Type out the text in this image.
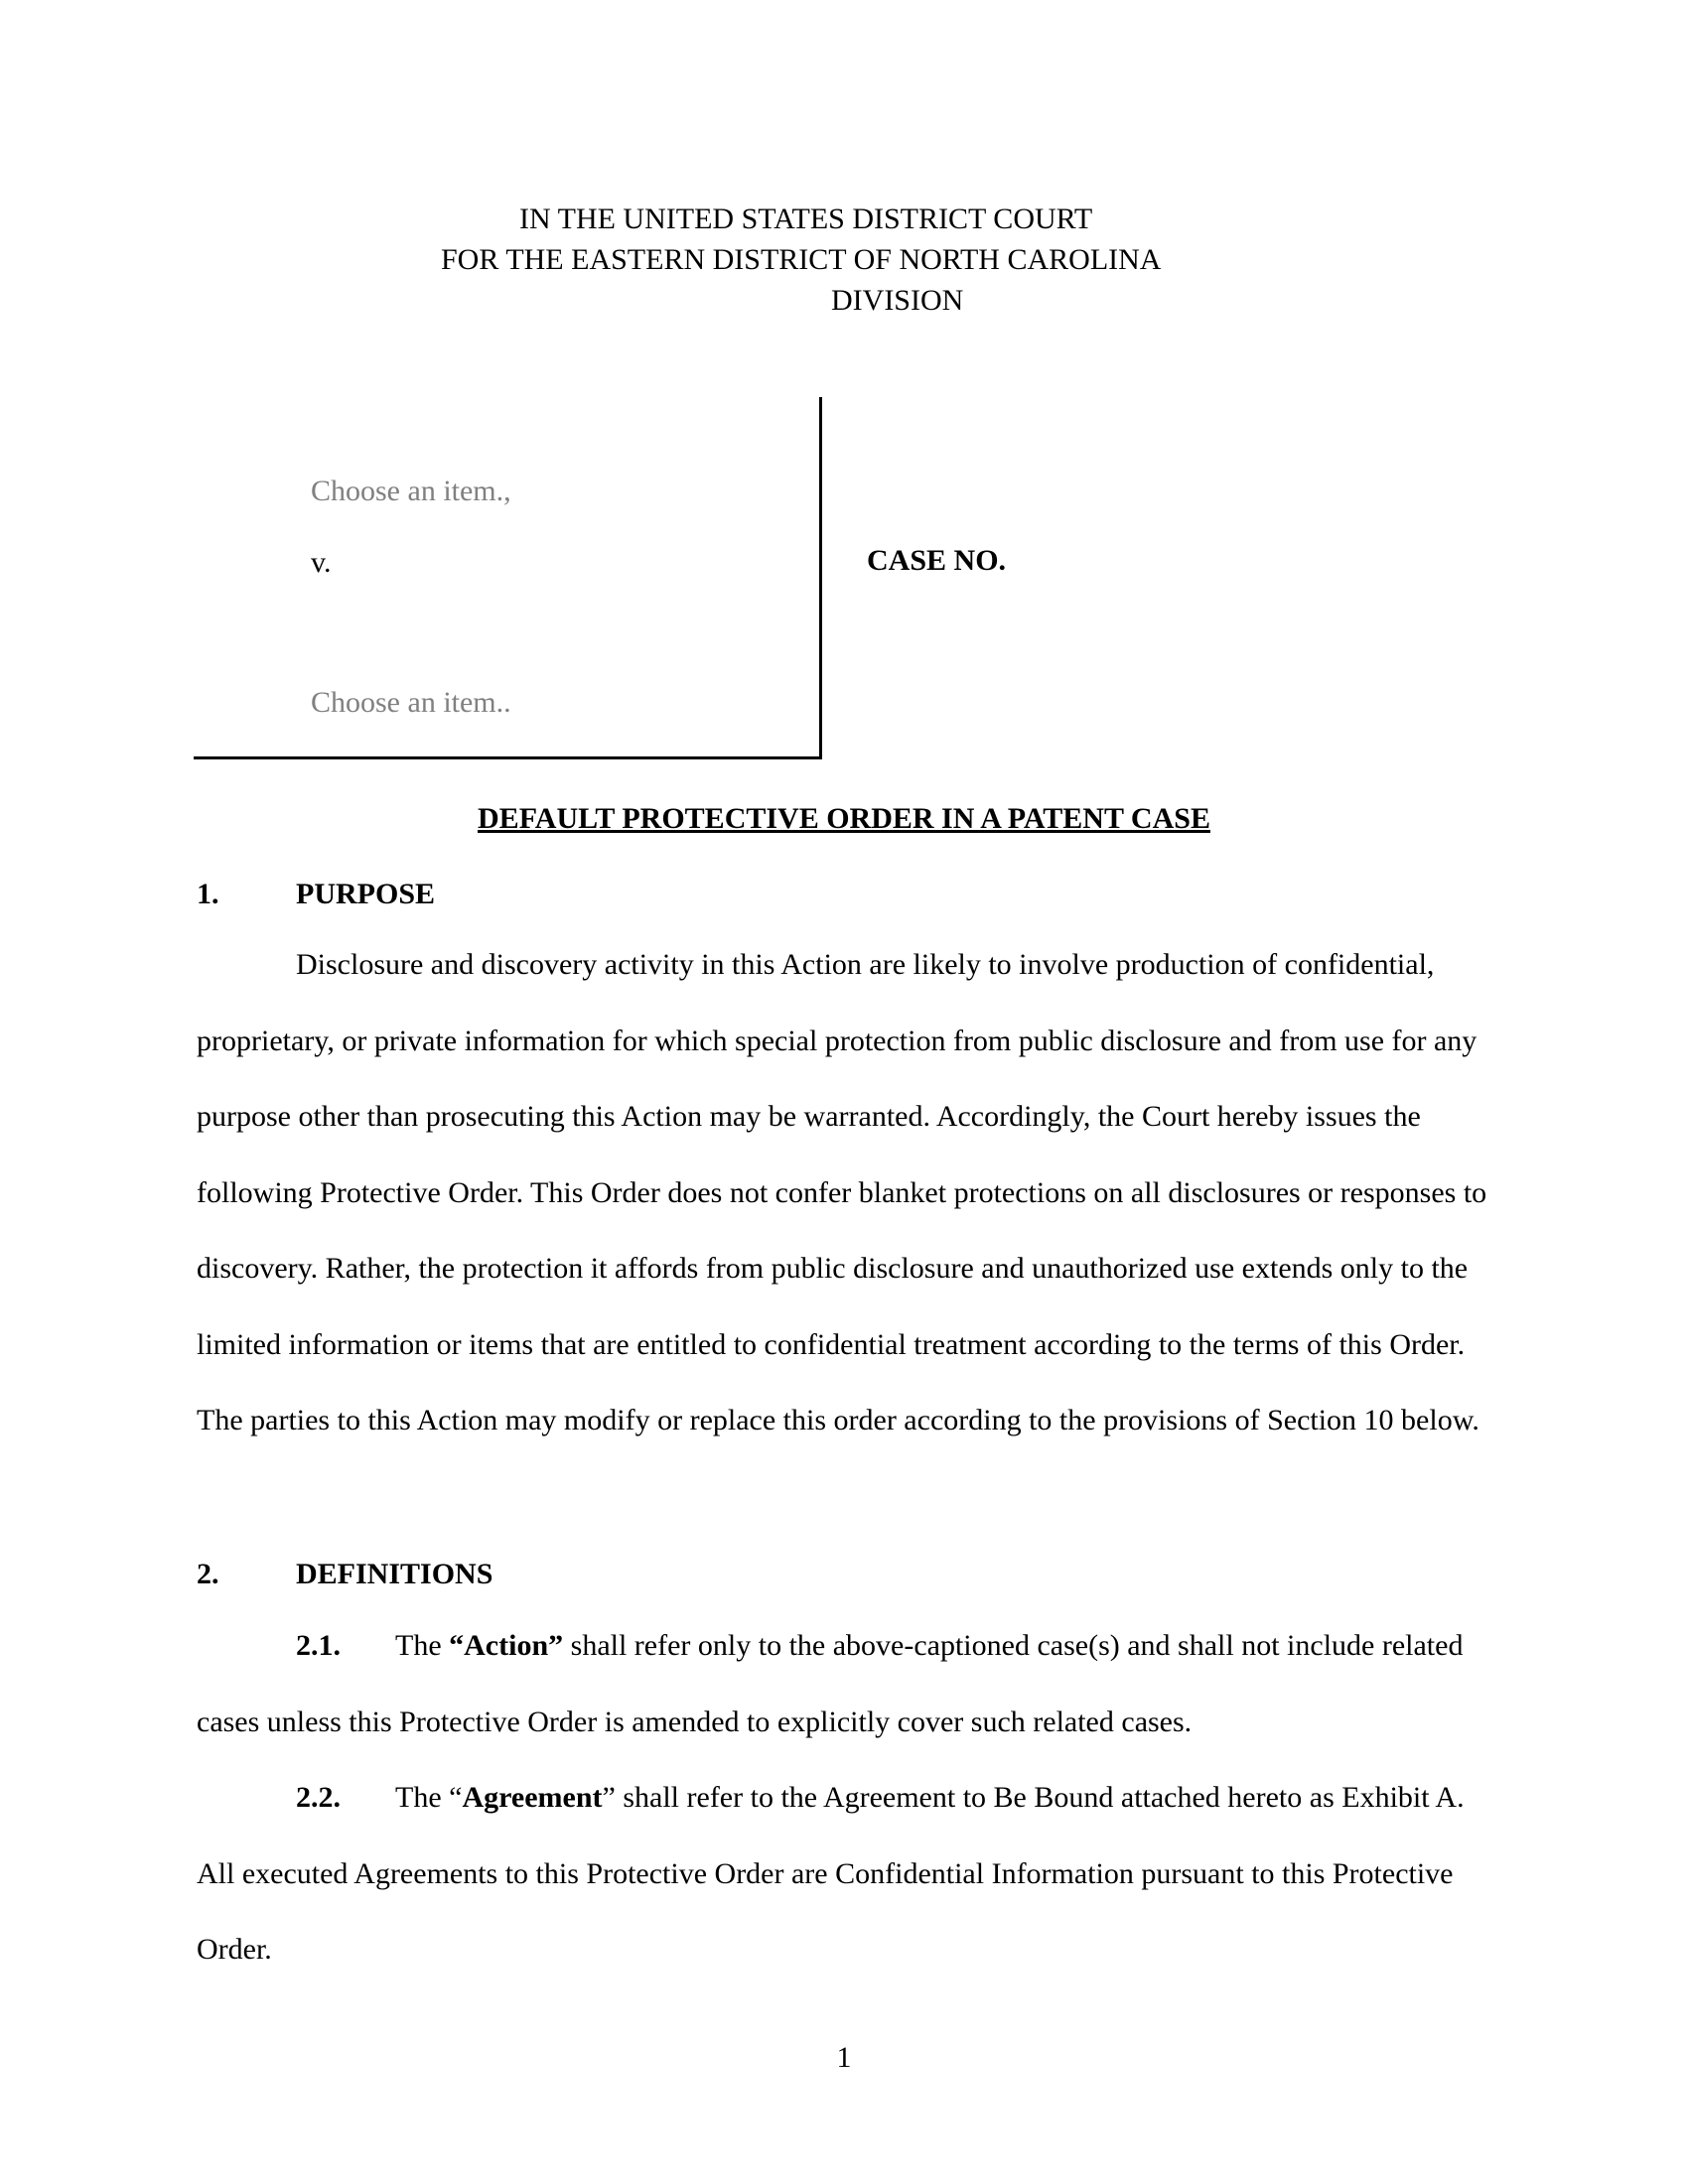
IN THE UNITED STATES DISTRICT COURT
FOR THE EASTERN DISTRICT OF NORTH CAROLINA
DIVISION
Choose an item.,
v.
Choose an item..
CASE NO.
DEFAULT PROTECTIVE ORDER IN A PATENT CASE
1.	PURPOSE

Disclosure and discovery activity in this Action are likely to involve production of confidential, proprietary, or private information for which special protection from public disclosure and from use for any purpose other than prosecuting this Action may be warranted. Accordingly, the Court hereby issues the following Protective Order. This Order does not confer blanket protections on all disclosures or responses to discovery. Rather, the protection it affords from public disclosure and unauthorized use extends only to the limited information or items that are entitled to confidential treatment according to the terms of this Order. The parties to this Action may modify or replace this order according to the provisions of Section 10 below.

2.	DEFINITIONS

2.1. The “Action” shall refer only to the above-captioned case(s) and shall not include related cases unless this Protective Order is amended to explicitly cover such related cases.

2.2. The “Agreement” shall refer to the Agreement to Be Bound attached hereto as Exhibit A. All executed Agreements to this Protective Order are Confidential Information pursuant to this Protective Order.

1
